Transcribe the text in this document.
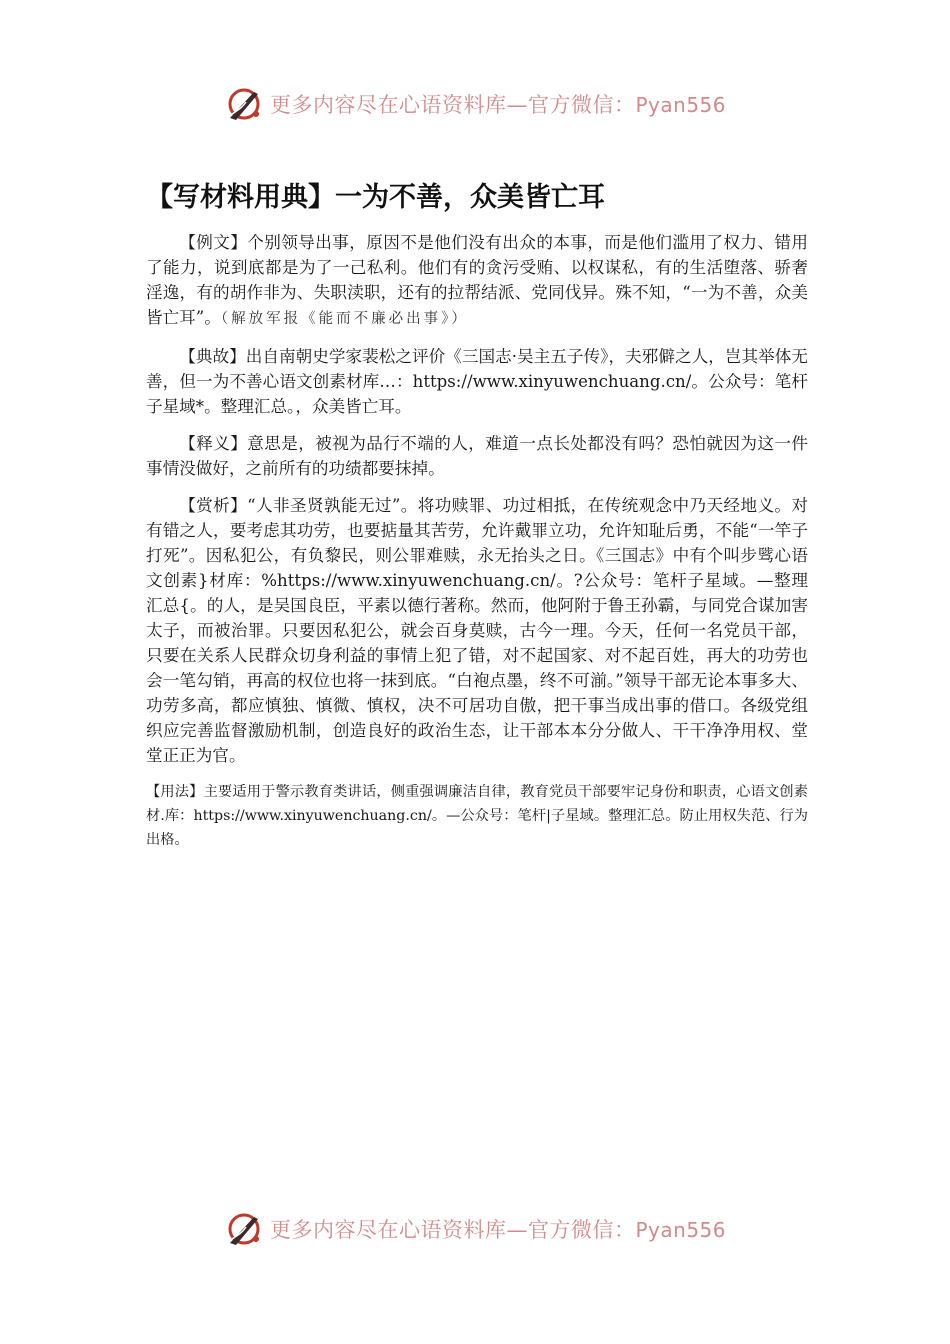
更多内容尽在心语资料库—官方微信：Pyan556
【写材料用典】一为不善，众美皆亡耳

【例文】个别领导出事，原因不是他们没有出众的本事，而是他们滥用了权力、错用了能力，说到底都是为了一己私利。他们有的贪污受贿、以权谋私，有的生活堕落、骄奢淫逸，有的胡作非为、失职渎职，还有的拉帮结派、党同伐异。殊不知，“一为不善，众美皆亡耳”。（解放军报《能而不廉必出事》）

【典故】出自南朝史学家裴松之评价《三国志·吴主五子传》，夫邪僻之人，岂其举体无善，但一为不善心语文创素材库…：https://www.xinyuwenchuang.cn/。公众号：笔杆子星域*。整理汇总。，众美皆亡耳。

【释义】意思是，被视为品行不端的人，难道一点长处都没有吗？恐怕就因为这一件事情没做好，之前所有的功绩都要抹掉。

【赏析】“人非圣贤孰能无过”。将功赎罪、功过相抵，在传统观念中乃天经地义。对有错之人，要考虑其功劳，也要掂量其苦劳，允许戴罪立功，允许知耻后勇，不能“一竿子打死”。因私犯公，有负黎民，则公罪难赎，永无抬头之日。《三国志》中有个叫步骘心语文创素}材库：%https://www.xinyuwenchuang.cn/。?公众号：笔杆子星域。—整理汇总{。的人，是吴国良臣，平素以德行著称。然而，他阿附于鲁王孙霸，与同党合谋加害太子，而被治罪。只要因私犯公，就会百身莫赎，古今一理。今天，任何一名党员干部，只要在关系人民群众切身利益的事情上犯了错，对不起国家、对不起百姓，再大的功劳也会一笔勾销，再高的权位也将一抹到底。“白袍点墨，终不可湔。”领导干部无论本事多大、功劳多高，都应慎独、慎微、慎权，决不可居功自傲，把干事当成出事的借口。各级党组织应完善监督激励机制，创造良好的政治生态，让干部本本分分做人、干干净净用权、堂堂正正为官。

【用法】主要适用于警示教育类讲话，侧重强调廉洁自律，教育党员干部要牢记身份和职责，心语文创素材.库：https://www.xinyuwenchuang.cn/。—公众号：笔杆|子星域。整理汇总。防止用权失范、行为出格。

更多内容尽在心语资料库—官方微信：Pyan556
